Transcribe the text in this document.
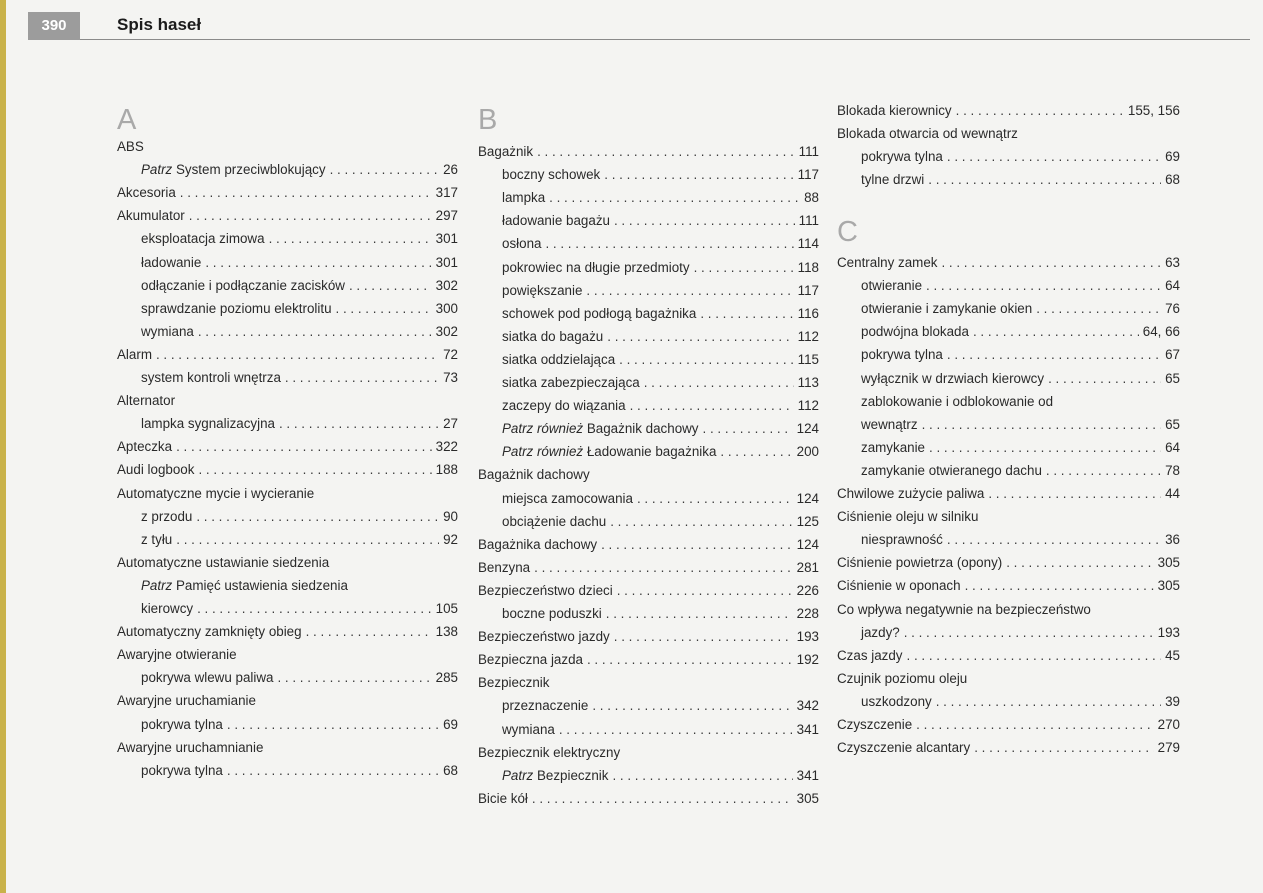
390	Spis haseł
A
ABS
Patrz System przeciwblokujący . . .	26
Akcesoria . . .	317
Akumulator . . .	297
eksploatacja zimowa . . .	301
ładowanie . . .	301
odłączanie i podłączanie zacisków . . .	302
sprawdzanie poziomu elektrolitu . . .	300
wymiana . . .	302
Alarm . . .	72
system kontroli wnętrza . . .	73
Alternator
lampka sygnalizacyjna . . .	27
Apteczka . . .	322
Audi logbook . . .	188
Automatyczne mycie i wycieranie
z przodu . . .	90
z tyłu . . .	92
Automatyczne ustawianie siedzenia
Patrz Pamięć ustawienia siedzenia
kierowcy . . .	105
Automatyczny zamknięty obieg . . .	138
Awaryjne otwieranie
pokrywa wlewu paliwa . . .	285
Awaryjne uruchamianie
pokrywa tylna . . .	69
Awaryjne uruchamnianie
pokrywa tylna . . .	68
B
Bagażnik . . .	111
boczny schowek . . .	117
lampka . . .	88
ładowanie bagażu . . .	111
osłona . . .	114
pokrowiec na długie przedmioty . . .	118
powiększanie . . .	117
schowek pod podłogą bagażnika . . .	116
siatka do bagażu . . .	112
siatka oddzielająca . . .	115
siatka zabezpieczająca . . .	113
zaczepy do wiązania . . .	112
Patrz również Bagażnik dachowy . . .	124
Patrz również Ładowanie bagażnika . . .	200
Bagażnik dachowy
miejsca zamocowania . . .	124
obciążenie dachu . . .	125
Bagażnika dachowy . . .	124
Benzyna . . .	281
Bezpieczeństwo dzieci . . .	226
boczne poduszki . . .	228
Bezpieczeństwo jazdy . . .	193
Bezpieczna jazda . . .	192
Bezpiecznik
przeznaczenie . . .	342
wymiana . . .	341
Bezpiecznik elektryczny
Patrz Bezpiecznik . . .	341
Bicie kół . . .	305
Blokada kierownicy . . .	155, 156
Blokada otwarcia od wewnątrz
pokrywa tylna . . .	69
tylne drzwi . . .	68
C
Centralny zamek . . .	63
otwieranie . . .	64
otwieranie i zamykanie okien . . .	76
podwójna blokada . . .	64, 66
pokrywa tylna . . .	67
wyłącznik w drzwiach kierowcy . . .	65
zablokowanie i odblokowanie od
wewnątrz . . .	65
zamykanie . . .	64
zamykanie otwieranego dachu . . .	78
Chwilowe zużycie paliwa . . .	44
Ciśnienie oleju w silniku
niesprawność . . .	36
Ciśnienie powietrza (opony) . . .	305
Ciśnienie w oponach . . .	305
Co wpływa negatywnie na bezpieczeństwo
jazdy? . . .	193
Czas jazdy . . .	45
Czujnik poziomu oleju
uszkodzony . . .	39
Czyszczenie . . .	270
Czyszczenie alcantary . . .	279
